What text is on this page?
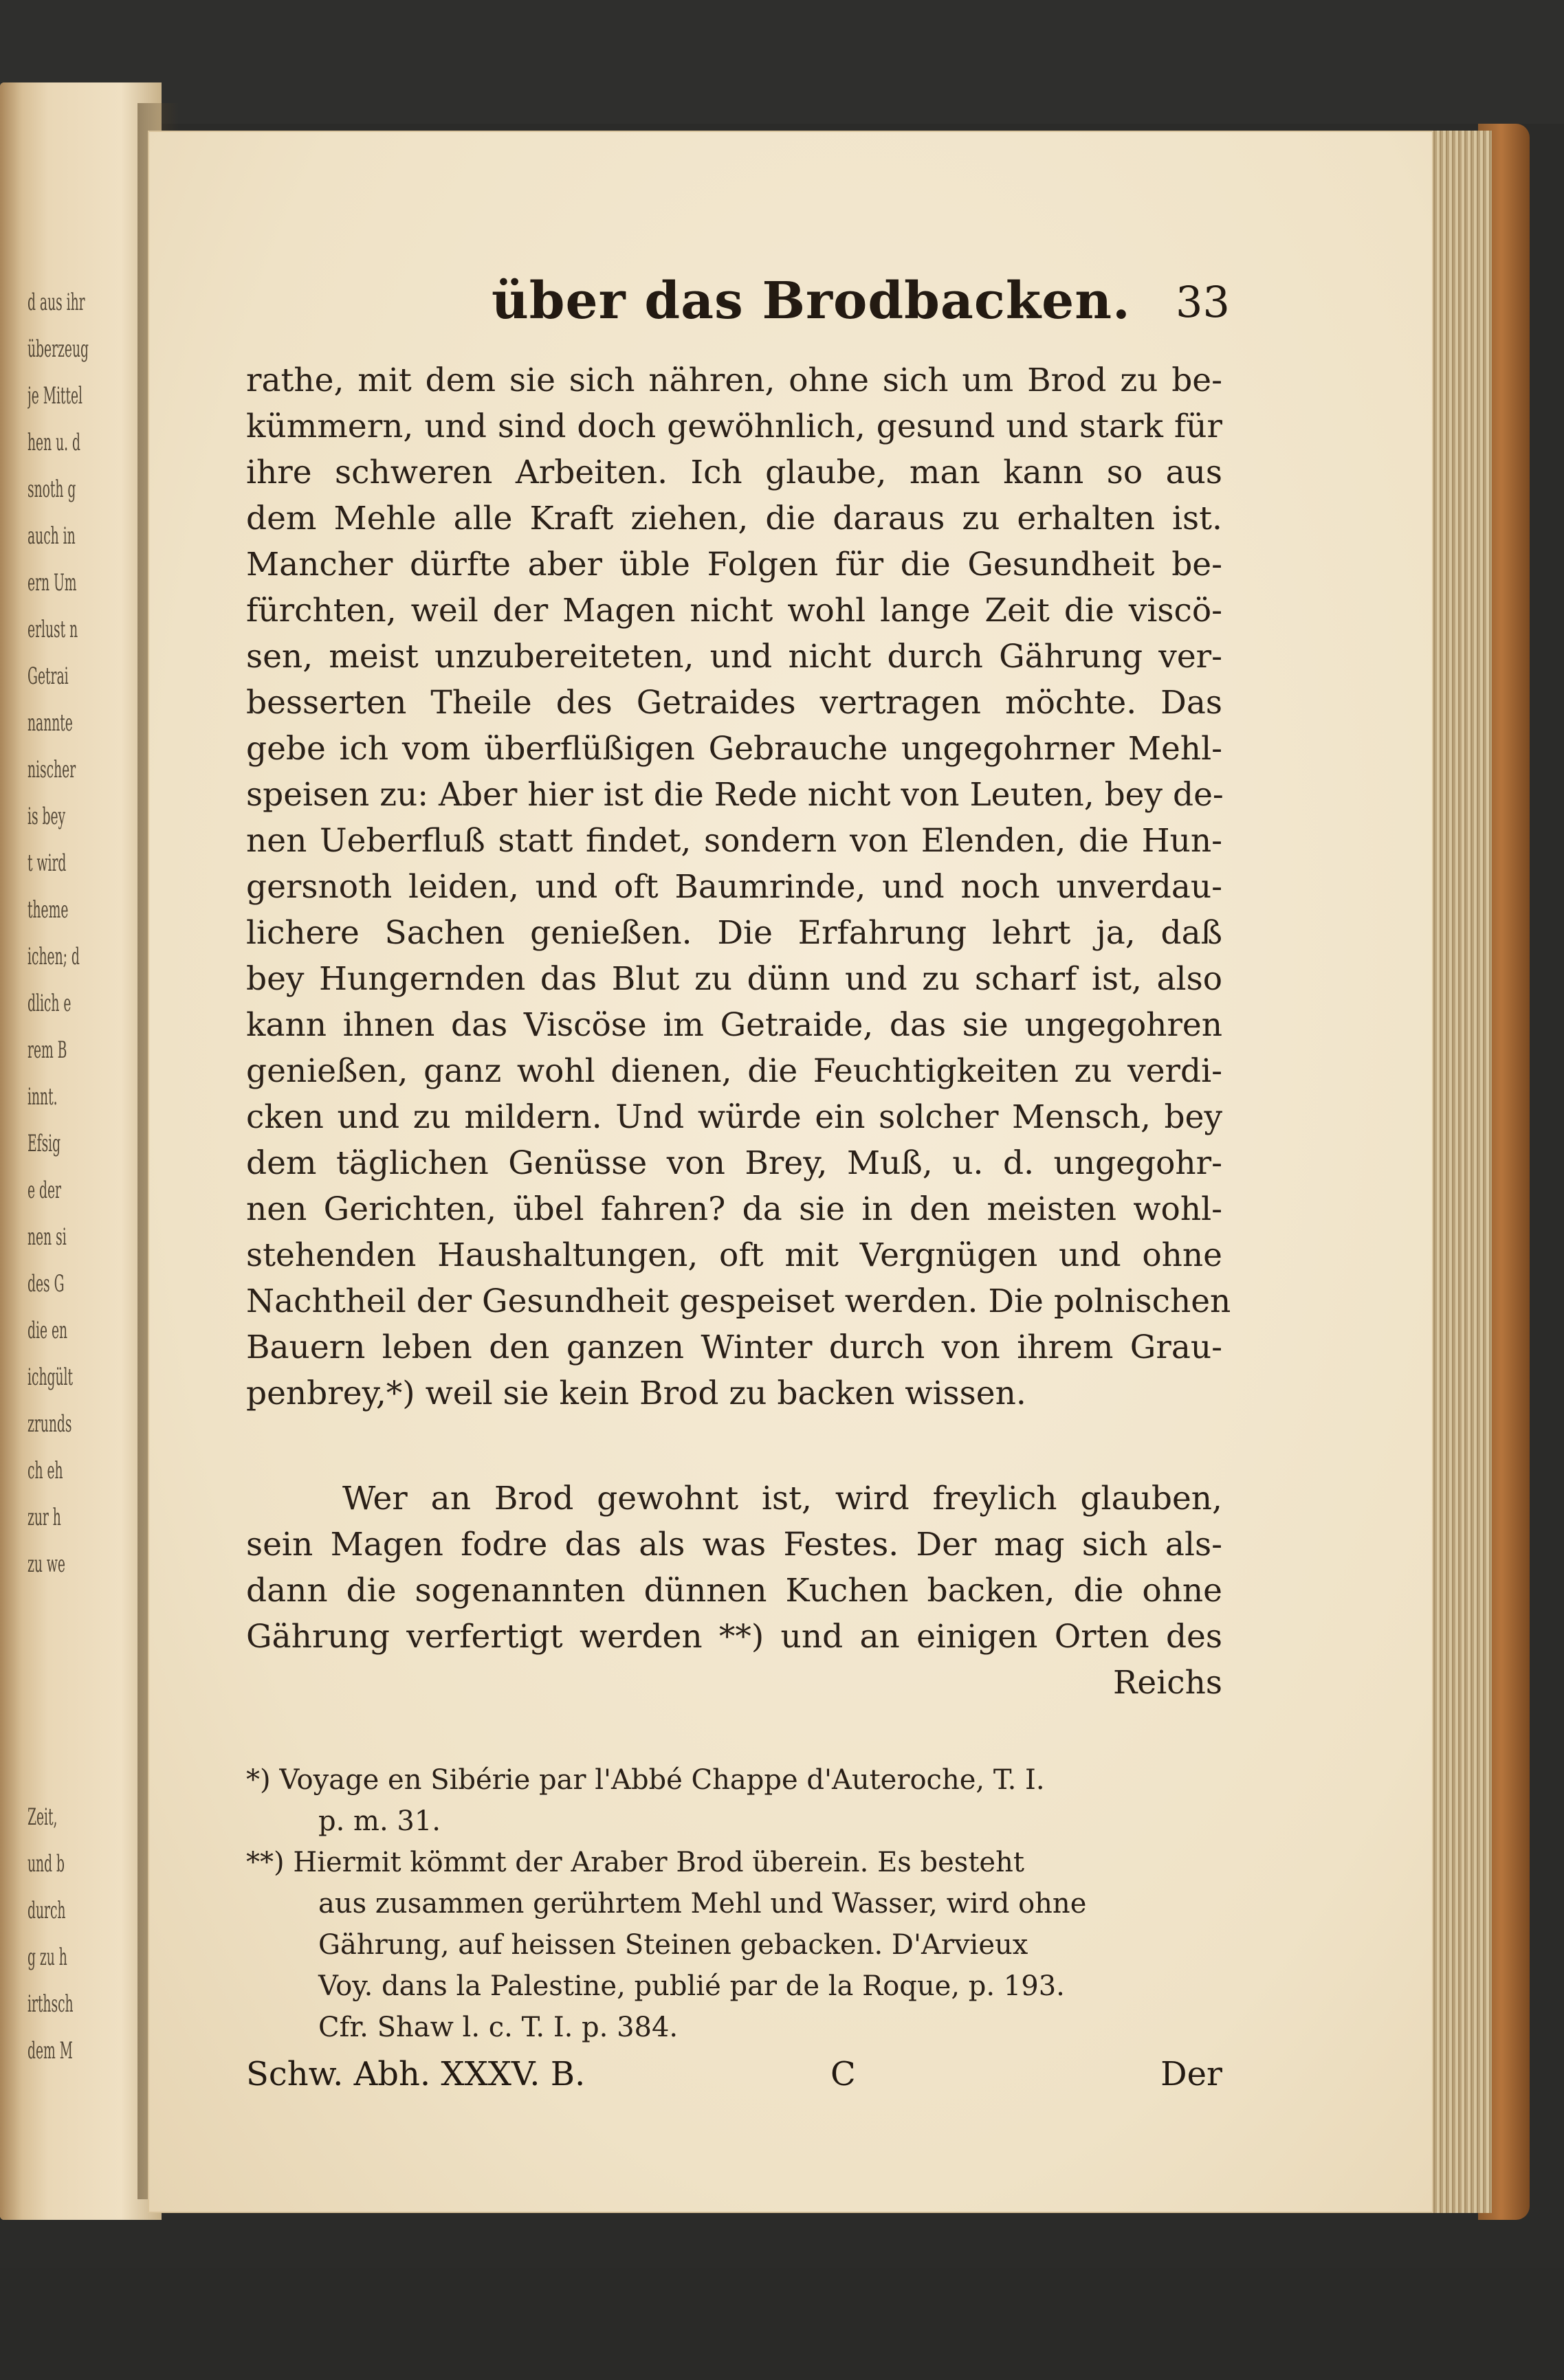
d aus ihr
überzeug
je Mittel
hen u. d
snoth g
auch in
ern Um
erlust n
Getrai
nannte
nischer
is bey
t wird
theme
ichen; d
dlich e
rem B
innt.
Efsig
e der
nen si
des G
die en
ichgült
zrunds
ch eh
zur h
zu we
Zeit,
und b
durch
g zu h
irthsch
dem M
über das Brodbacken. 33
rathe, mit dem sie sich nähren, ohne sich um Brod zu be-
kümmern, und sind doch gewöhnlich, gesund und stark für
ihre schweren Arbeiten. Ich glaube, man kann so aus
dem Mehle alle Kraft ziehen, die daraus zu erhalten ist.
Mancher dürfte aber üble Folgen für die Gesundheit be-
fürchten, weil der Magen nicht wohl lange Zeit die viscö-
sen, meist unzubereiteten, und nicht durch Gährung ver-
besserten Theile des Getraides vertragen möchte. Das
gebe ich vom überflüßigen Gebrauche ungegohrner Mehl-
speisen zu: Aber hier ist die Rede nicht von Leuten, bey de-
nen Ueberfluß statt findet, sondern von Elenden, die Hun-
gersnoth leiden, und oft Baumrinde, und noch unverdau-
lichere Sachen genießen. Die Erfahrung lehrt ja, daß
bey Hungernden das Blut zu dünn und zu scharf ist, also
kann ihnen das Viscöse im Getraide, das sie ungegohren
genießen, ganz wohl dienen, die Feuchtigkeiten zu verdi-
cken und zu mildern. Und würde ein solcher Mensch, bey
dem täglichen Genüsse von Brey, Muß, u. d. ungegohr-
nen Gerichten, übel fahren? da sie in den meisten wohl-
stehenden Haushaltungen, oft mit Vergnügen und ohne
Nachtheil der Gesundheit gespeiset werden. Die polnischen
Bauern leben den ganzen Winter durch von ihrem Grau-
penbrey,*) weil sie kein Brod zu backen wissen.
Wer an Brod gewohnt ist, wird freylich glauben,
sein Magen fodre das als was Festes. Der mag sich als-
dann die sogenannten dünnen Kuchen backen, die ohne
Gährung verfertigt werden **) und an einigen Orten des
Reichs
*) Voyage en Sibérie par l'Abbé Chappe d'Auteroche, T. I.
p. m. 31.
**) Hiermit kömmt der Araber Brod überein. Es besteht
aus zusammen gerührtem Mehl und Wasser, wird ohne
Gährung, auf heissen Steinen gebacken. D'Arvieux
Voy. dans la Palestine, publié par de la Roque, p. 193.
Cfr. Shaw l. c. T. I. p. 384.
Schw. Abh. XXXV. B.	C	Der
